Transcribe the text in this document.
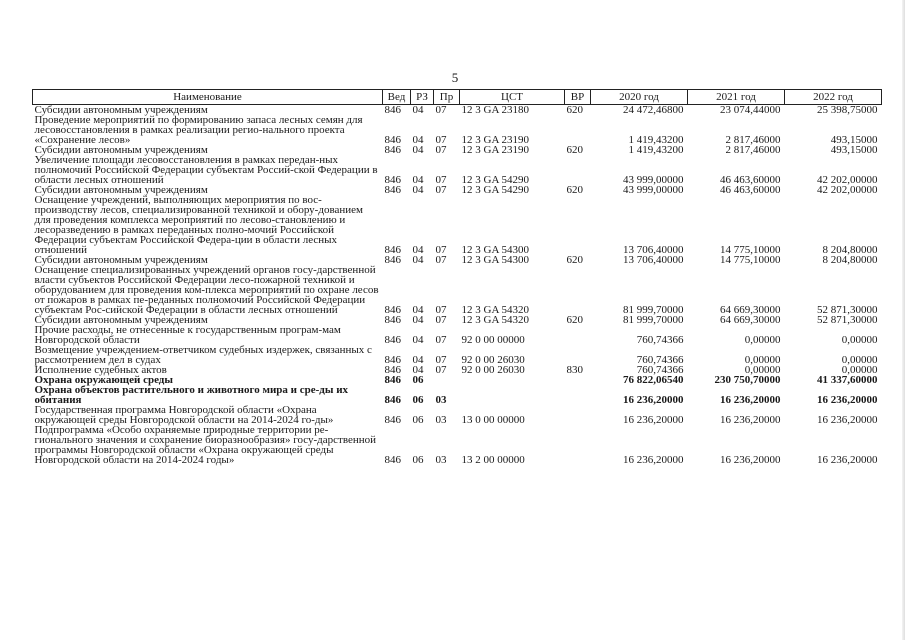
5
Наименование	Вед	РЗ	Пр	ЦСТ	ВР	2020 год	2021 год	2022 год
Субсидии автономным учреждениям	846	04	07	12 3 GA 23180	620	24 472,46800	23 074,44000	25 398,75000
Проведение мероприятий по формированию запаса лесных семян для лесовосстановления в рамках реализации регио-нального проекта «Сохранение лесов»	846	04	07	12 3 GA 23190		1 419,43200	2 817,46000	493,15000
Субсидии автономным учреждениям	846	04	07	12 3 GA 23190	620	1 419,43200	2 817,46000	493,15000
Увеличение площади лесовосстановления в рамках передан-ных полномочий Российской Федерации субъектам Россий-ской Федерации в области лесных отношений	846	04	07	12 3 GA 54290		43 999,00000	46 463,60000	42 202,00000
Субсидии автономным учреждениям	846	04	07	12 3 GA 54290	620	43 999,00000	46 463,60000	42 202,00000
Оснащение учреждений, выполняющих мероприятия по вос-производству лесов, специализированной техникой и обору-дованием для проведения комплекса мероприятий по лесово-становлению и лесоразведению в рамках переданных полно-мочий Российской Федерации субъектам Российской Федера-ции в области лесных отношений	846	04	07	12 3 GA 54300		13 706,40000	14 775,10000	8 204,80000
Субсидии автономным учреждениям	846	04	07	12 3 GA 54300	620	13 706,40000	14 775,10000	8 204,80000
Оснащение специализированных учреждений органов госу-дарственной власти субъектов Российской Федерации лесо-пожарной техникой и оборудованием для проведения ком-плекса мероприятий по охране лесов от пожаров в рамках пе-реданных полномочий Российской Федерации субъектам Рос-сийской Федерации в области лесных отношений	846	04	07	12 3 GA 54320		81 999,70000	64 669,30000	52 871,30000
Субсидии автономным учреждениям	846	04	07	12 3 GA 54320	620	81 999,70000	64 669,30000	52 871,30000
Прочие расходы, не отнесенные к государственным програм-мам Новгородской области	846	04	07	92 0 00 00000		760,74366	0,00000	0,00000
Возмещение учреждением-ответчиком судебных издержек, связанных с рассмотрением дел в судах	846	04	07	92 0 00 26030		760,74366	0,00000	0,00000
Исполнение судебных актов	846	04	07	92 0 00 26030	830	760,74366	0,00000	0,00000
Охрана окружающей среды	846	06				76 822,06540	230 750,70000	41 337,60000
Охрана объектов растительного и животного мира и сре-ды их обитания	846	06	03			16 236,20000	16 236,20000	16 236,20000
Государственная программа Новгородской области «Охрана окружающей среды Новгородской области на 2014-2024 го-ды»	846	06	03	13 0 00 00000		16 236,20000	16 236,20000	16 236,20000
Подпрограмма «Особо охраняемые природные территории ре-гионального значения и сохранение биоразнообразия» госу-дарственной программы Новгородской области «Охрана окружающей среды Новгородской области на 2014-2024 годы»	846	06	03	13 2 00 00000		16 236,20000	16 236,20000	16 236,20000
